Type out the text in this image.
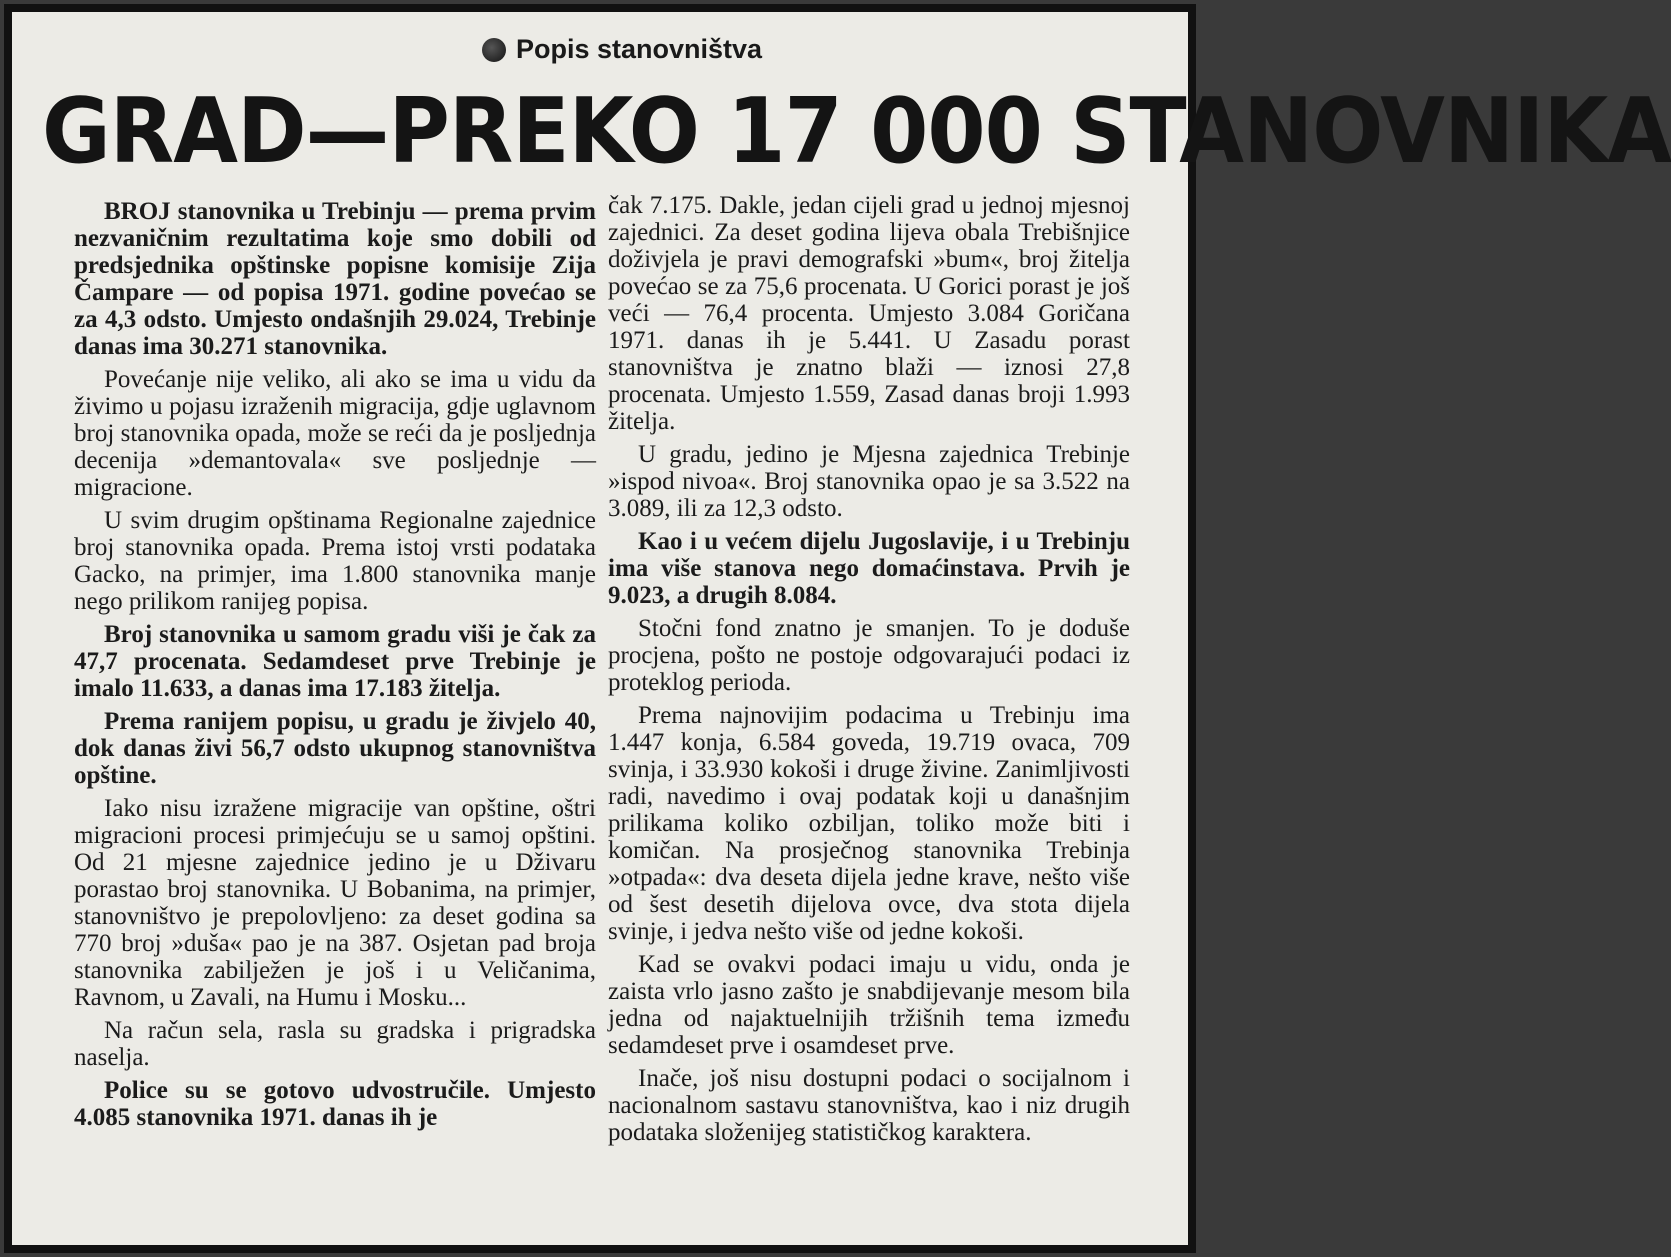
Popis stanovništva
GRAD—PREKO 17 000 STANOVNIKA

BROJ stanovnika u Trebinju — prema prvim nezvaničnim rezultatima koje smo dobili od predsjednika opštinske popisne komisije Zija Čampare — od popisa 1971. godine povećao se za 4,3 odsto. Umjesto ondašnjih 29.024, Trebinje danas ima 30.271 stanovnika.

Povećanje nije veliko, ali ako se ima u vidu da živimo u pojasu izraženih migracija, gdje uglavnom broj stanovnika opada, može se reći da je posljednja decenija »demantovala« sve posljednje — migracione.

U svim drugim opštinama Regionalne zajednice broj stanovnika opada. Prema istoj vrsti podataka Gacko, na primjer, ima 1.800 stanovnika manje nego prilikom ranijeg popisa.

Broj stanovnika u samom gradu viši je čak za 47,7 procenata. Sedamdeset prve Trebinje je imalo 11.633, a danas ima 17.183 žitelja.

Prema ranijem popisu, u gradu je živjelo 40, dok danas živi 56,7 odsto ukupnog stanovništva opštine.

Iako nisu izražene migracije van opštine, oštri migracioni procesi primjećuju se u samoj opštini. Od 21 mjesne zajednice jedino je u Dživaru porastao broj stanovnika. U Bobanima, na primjer, stanovništvo je prepolovljeno: za deset godina sa 770 broj »duša« pao je na 387. Osjetan pad broja stanovnika zabilježen je još i u Veličanima, Ravnom, u Zavali, na Humu i Mosku...

Na račun sela, rasla su gradska i prigradska naselja.

Police su se gotovo udvostručile. Umjesto 4.085 stanovnika 1971. danas ih je

čak 7.175. Dakle, jedan cijeli grad u jednoj mjesnoj zajednici. Za deset godina lijeva obala Trebišnjice doživjela je pravi demografski »bum«, broj žitelja povećao se za 75,6 procenata. U Gorici porast je još veći — 76,4 procenta. Umjesto 3.084 Goričana 1971. danas ih je 5.441. U Zasadu porast stanovništva je znatno blaži — iznosi 27,8 procenata. Umjesto 1.559, Zasad danas broji 1.993 žitelja.

U gradu, jedino je Mjesna zajednica Trebinje »ispod nivoa«. Broj stanovnika opao je sa 3.522 na 3.089, ili za 12,3 odsto.

Kao i u većem dijelu Jugoslavije, i u Trebinju ima više stanova nego domaćinstava. Prvih je 9.023, a drugih 8.084.

Stočni fond znatno je smanjen. To je doduše procjena, pošto ne postoje odgovarajući podaci iz proteklog perioda.

Prema najnovijim podacima u Trebinju ima 1.447 konja, 6.584 goveda, 19.719 ovaca, 709 svinja, i 33.930 kokoši i druge živine. Zanimljivosti radi, navedimo i ovaj podatak koji u današnjim prilikama koliko ozbiljan, toliko može biti i komičan. Na prosječnog stanovnika Trebinja »otpada«: dva deseta dijela jedne krave, nešto više od šest desetih dijelova ovce, dva stota dijela svinje, i jedva nešto više od jedne kokoši.

Kad se ovakvi podaci imaju u vidu, onda je zaista vrlo jasno zašto je snabdijevanje mesom bila jedna od najaktuelnijih tržišnih tema između sedamdeset prve i osamdeset prve.

Inače, još nisu dostupni podaci o socijalnom i nacionalnom sastavu stanovništva, kao i niz drugih podataka složenijeg statističkog karaktera.
